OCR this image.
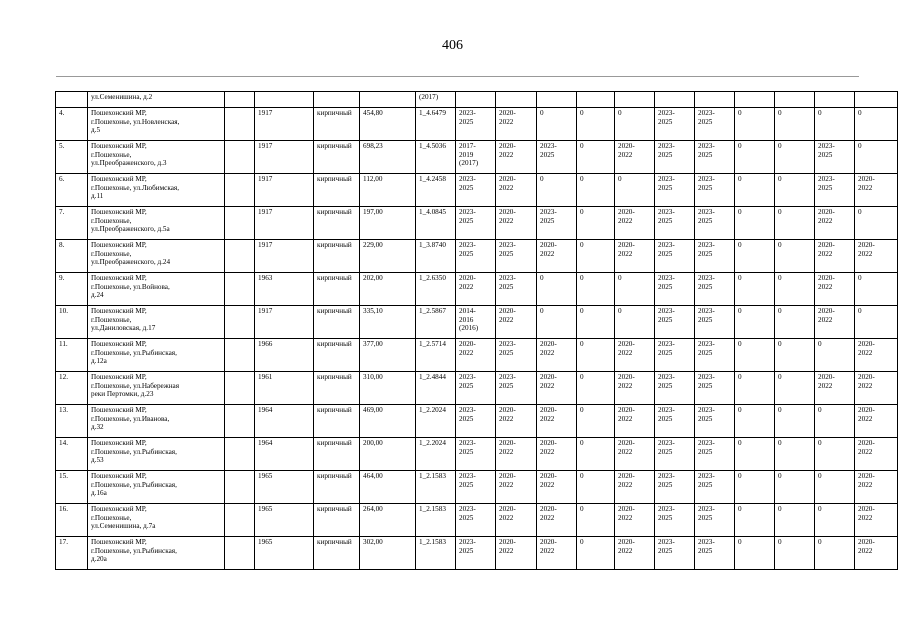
406
	ул.Семенишина, д.2					(2017)											
4.	Пошехонский МР,
г.Пошехонье, ул.Новленская,
д.5		1917	кирпичный	454,80	1_4.6479	2023-
2025	2020-
2022	0	0	0	2023-
2025	2023-
2025	0	0	0	0
5.	Пошехонский МР,
г.Пошехонье,
ул.Преображенского, д.3		1917	кирпичный	698,23	1_4.5036	2017-
2019
(2017)	2020-
2022	2023-
2025	0	2020-
2022	2023-
2025	2023-
2025	0	0	2023-
2025	0
6.	Пошехонский МР,
г.Пошехонье, ул.Любимская,
д.11		1917	кирпичный	112,00	1_4.2458	2023-
2025	2020-
2022	0	0	0	2023-
2025	2023-
2025	0	0	2023-
2025	2020-
2022
7.	Пошехонский МР,
г.Пошехонье,
ул.Преображенского, д.5а		1917	кирпичный	197,00	1_4.0845	2023-
2025	2020-
2022	2023-
2025	0	2020-
2022	2023-
2025	2023-
2025	0	0	2020-
2022	0
8.	Пошехонский МР,
г.Пошехонье,
ул.Преображенского, д.24		1917	кирпичный	229,00	1_3.8740	2023-
2025	2023-
2025	2020-
2022	0	2020-
2022	2023-
2025	2023-
2025	0	0	2020-
2022	2020-
2022
9.	Пошехонский МР,
г.Пошехонье, ул.Войнова,
д.24		1963	кирпичный	202,00	1_2.6350	2020-
2022	2023-
2025	0	0	0	2023-
2025	2023-
2025	0	0	2020-
2022	0
10.	Пошехонский МР,
г.Пошехонье,
ул.Даниловская, д.17		1917	кирпичный	335,10	1_2.5867	2014-
2016
(2016)	2020-
2022	0	0	0	2023-
2025	2023-
2025	0	0	2020-
2022	0
11.	Пошехонский МР,
г.Пошехонье, ул.Рыбинская,
д.12а		1966	кирпичный	377,00	1_2.5714	2020-
2022	2023-
2025	2020-
2022	0	2020-
2022	2023-
2025	2023-
2025	0	0	0	2020-
2022
12.	Пошехонский МР,
г.Пошехонье, ул.Набережная
реки Пертомки, д.23		1961	кирпичный	310,00	1_2.4844	2023-
2025	2023-
2025	2020-
2022	0	2020-
2022	2023-
2025	2023-
2025	0	0	2020-
2022	2020-
2022
13.	Пошехонский МР,
г.Пошехонье, ул.Иванова,
д.32		1964	кирпичный	469,00	1_2.2024	2023-
2025	2020-
2022	2020-
2022	0	2020-
2022	2023-
2025	2023-
2025	0	0	0	2020-
2022
14.	Пошехонский МР,
г.Пошехонье, ул.Рыбинская,
д.53		1964	кирпичный	200,00	1_2.2024	2023-
2025	2020-
2022	2020-
2022	0	2020-
2022	2023-
2025	2023-
2025	0	0	0	2020-
2022
15.	Пошехонский МР,
г.Пошехонье, ул.Рыбинская,
д.16а		1965	кирпичный	464,00	1_2.1583	2023-
2025	2020-
2022	2020-
2022	0	2020-
2022	2023-
2025	2023-
2025	0	0	0	2020-
2022
16.	Пошехонский МР,
г.Пошехонье,
ул.Семенишина, д.7а		1965	кирпичный	264,00	1_2.1583	2023-
2025	2020-
2022	2020-
2022	0	2020-
2022	2023-
2025	2023-
2025	0	0	0	2020-
2022
17.	Пошехонский МР,
г.Пошехонье, ул.Рыбинская,
д.20а		1965	кирпичный	302,00	1_2.1583	2023-
2025	2020-
2022	2020-
2022	0	2020-
2022	2023-
2025	2023-
2025	0	0	0	2020-
2022
